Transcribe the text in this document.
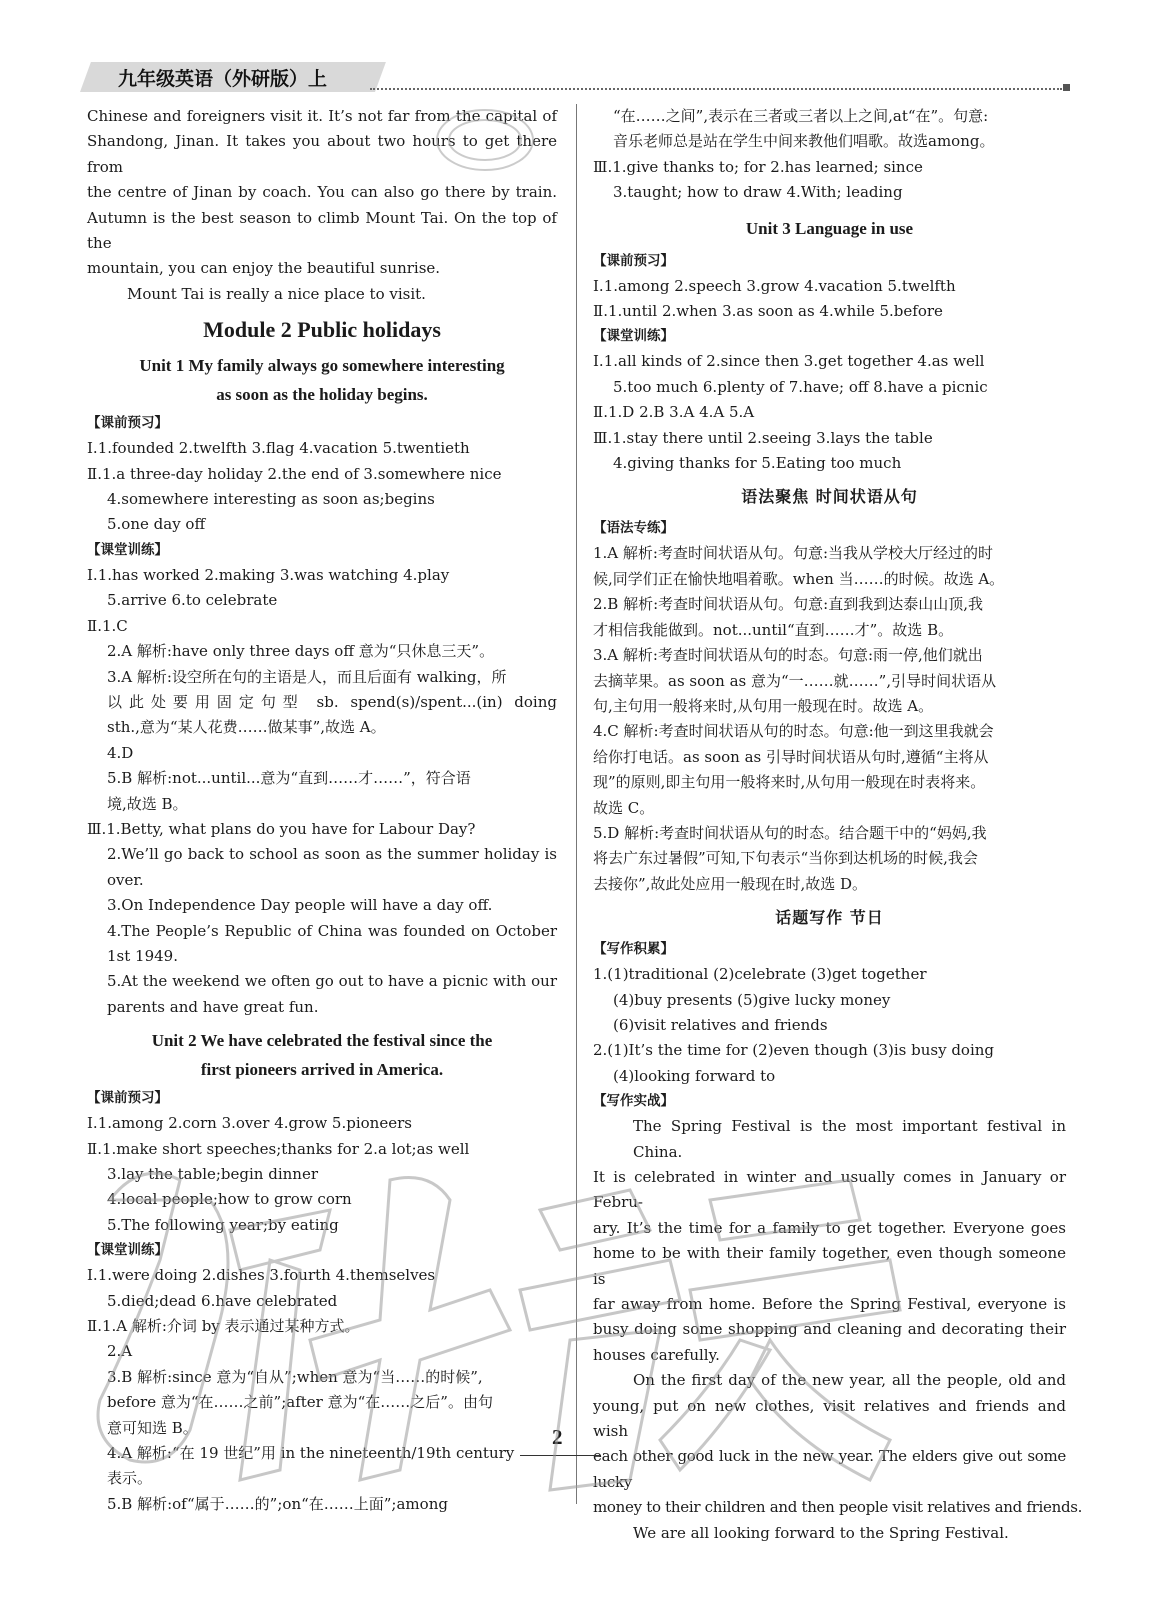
九年级英语（外研版）上

Chinese and foreigners visit it. It’s not far from the capital of

Shandong, Jinan. It takes you about two hours to get there from

the centre of Jinan by coach. You can also go there by train.

Autumn is the best season to climb Mount Tai. On the top of the

mountain, you can enjoy the beautiful sunrise.

Mount Tai is really a nice place to visit.

Module 2 Public holidays
Unit 1 My family always go somewhere interesting
as soon as the holiday begins.

【课前预习】

Ⅰ.1.founded 2.twelfth 3.flag 4.vacation 5.twentieth

Ⅱ.1.a three-day holiday 2.the end of 3.somewhere nice

4.somewhere interesting as soon as;begins

5.one day off

【课堂训练】

Ⅰ.1.has worked 2.making 3.was watching 4.play

5.arrive 6.to celebrate

Ⅱ.1.C

2.A 解析:have only three days off 意为“只休息三天”。

3.A 解析:设空所在句的主语是人，而且后面有 walking，所

以此处要用固定句型 sb. spend(s)/spent...(in) doing

sth.,意为“某人花费……做某事”,故选 A。

4.D

5.B 解析:not...until...意为“直到……才……”，符合语

境,故选 B。

Ⅲ.1.Betty, what plans do you have for Labour Day?

2.We’ll go back to school as soon as the summer holiday is

over.

3.On Independence Day people will have a day off.

4.The People’s Republic of China was founded on October

1st 1949.

5.At the weekend we often go out to have a picnic with our

parents and have great fun.

Unit 2 We have celebrated the festival since the
first pioneers arrived in America.

【课前预习】

Ⅰ.1.among 2.corn 3.over 4.grow 5.pioneers

Ⅱ.1.make short speeches;thanks for 2.a lot;as well

3.lay the table;begin dinner

4.local people;how to grow corn

5.The following year;by eating

【课堂训练】

Ⅰ.1.were doing 2.dishes 3.fourth 4.themselves

5.died;dead 6.have celebrated

Ⅱ.1.A 解析:介词 by 表示通过某种方式。

2.A

3.B 解析:since 意为“自从”;when 意为“当……的时候”,

before 意为“在……之前”;after 意为“在……之后”。由句

意可知选 B。

4.A 解析:“在 19 世纪”用 in the nineteenth/19th century

表示。

5.B 解析:of“属于……的”;on“在……上面”;among

“在……之间”,表示在三者或三者以上之间,at“在”。句意:

音乐老师总是站在学生中间来教他们唱歌。故选among。

Ⅲ.1.give thanks to; for 2.has learned; since

3.taught; how to draw 4.With; leading

Unit 3 Language in use

【课前预习】

Ⅰ.1.among 2.speech 3.grow 4.vacation 5.twelfth

Ⅱ.1.until 2.when 3.as soon as 4.while 5.before

【课堂训练】

Ⅰ.1.all kinds of 2.since then 3.get together 4.as well

5.too much 6.plenty of 7.have; off 8.have a picnic

Ⅱ.1.D 2.B 3.A 4.A 5.A

Ⅲ.1.stay there until 2.seeing 3.lays the table

4.giving thanks for 5.Eating too much

语法聚焦 时间状语从句

【语法专练】

1.A 解析:考查时间状语从句。句意:当我从学校大厅经过的时

候,同学们正在愉快地唱着歌。when 当……的时候。故选 A。

2.B 解析:考查时间状语从句。句意:直到我到达泰山山顶,我

才相信我能做到。not...until“直到……才”。故选 B。

3.A 解析:考查时间状语从句的时态。句意:雨一停,他们就出

去摘苹果。as soon as 意为“一……就……”,引导时间状语从

句,主句用一般将来时,从句用一般现在时。故选 A。

4.C 解析:考查时间状语从句的时态。句意:他一到这里我就会

给你打电话。as soon as 引导时间状语从句时,遵循“主将从

现”的原则,即主句用一般将来时,从句用一般现在时表将来。

故选 C。

5.D 解析:考查时间状语从句的时态。结合题干中的“妈妈,我

将去广东过暑假”可知,下句表示“当你到达机场的时候,我会

去接你”,故此处应用一般现在时,故选 D。

话题写作 节日

【写作积累】

1.(1)traditional (2)celebrate (3)get together

(4)buy presents (5)give lucky money

(6)visit relatives and friends

2.(1)It’s the time for (2)even though (3)is busy doing

(4)looking forward to

【写作实战】

The Spring Festival is the most important festival in China.

It is celebrated in winter and usually comes in January or Febru-

ary. It’s the time for a family to get together. Everyone goes

home to be with their family together, even though someone is

far away from home. Before the Spring Festival, everyone is

busy doing some shopping and cleaning and decorating their

houses carefully.

On the first day of the new year, all the people, old and

young, put on new clothes, visit relatives and friends and wish

each other good luck in the new year. The elders give out some lucky

money to their children and then people visit relatives and friends.

We are all looking forward to the Spring Festival.

2
